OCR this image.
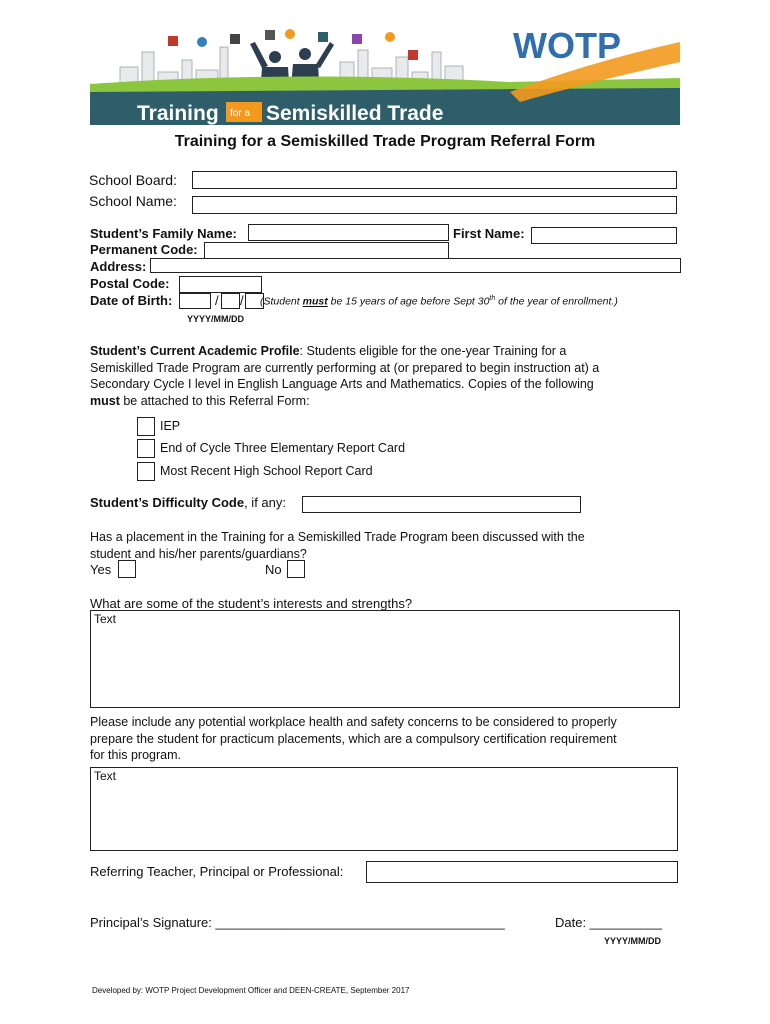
WOTP
Training for a Semiskilled Trade
Training for a Semiskilled Trade Program Referral Form
School Board:
School Name:
Student’s Family Name:	First Name:
Permanent Code:
Address:
Postal Code:
Date of Birth:	/ / (Student must be 15 years of age before Sept 30th of the year of enrollment.)
YYYY/MM/DD
Student’s Current Academic Profile: Students eligible for the one-year Training for a
Semiskilled Trade Program are currently performing at (or prepared to begin instruction at) a
Secondary Cycle I level in English Language Arts and Mathematics. Copies of the following
must be attached to this Referral Form:
IEP
End of Cycle Three Elementary Report Card
Most Recent High School Report Card
Student’s Difficulty Code, if any:
Has a placement in the Training for a Semiskilled Trade Program been discussed with the
student and his/her parents/guardians?
Yes	No
What are some of the student’s interests and strengths?
Text
Please include any potential workplace health and safety concerns to be considered to properly
prepare the student for practicum placements, which are a compulsory certification requirement
for this program.
Text
Referring Teacher, Principal or Professional:
Principal’s Signature: ________________________________________	Date: __________
YYYY/MM/DD
Developed by: WOTP Project Development Officer and DEEN-CREATE, September 2017
